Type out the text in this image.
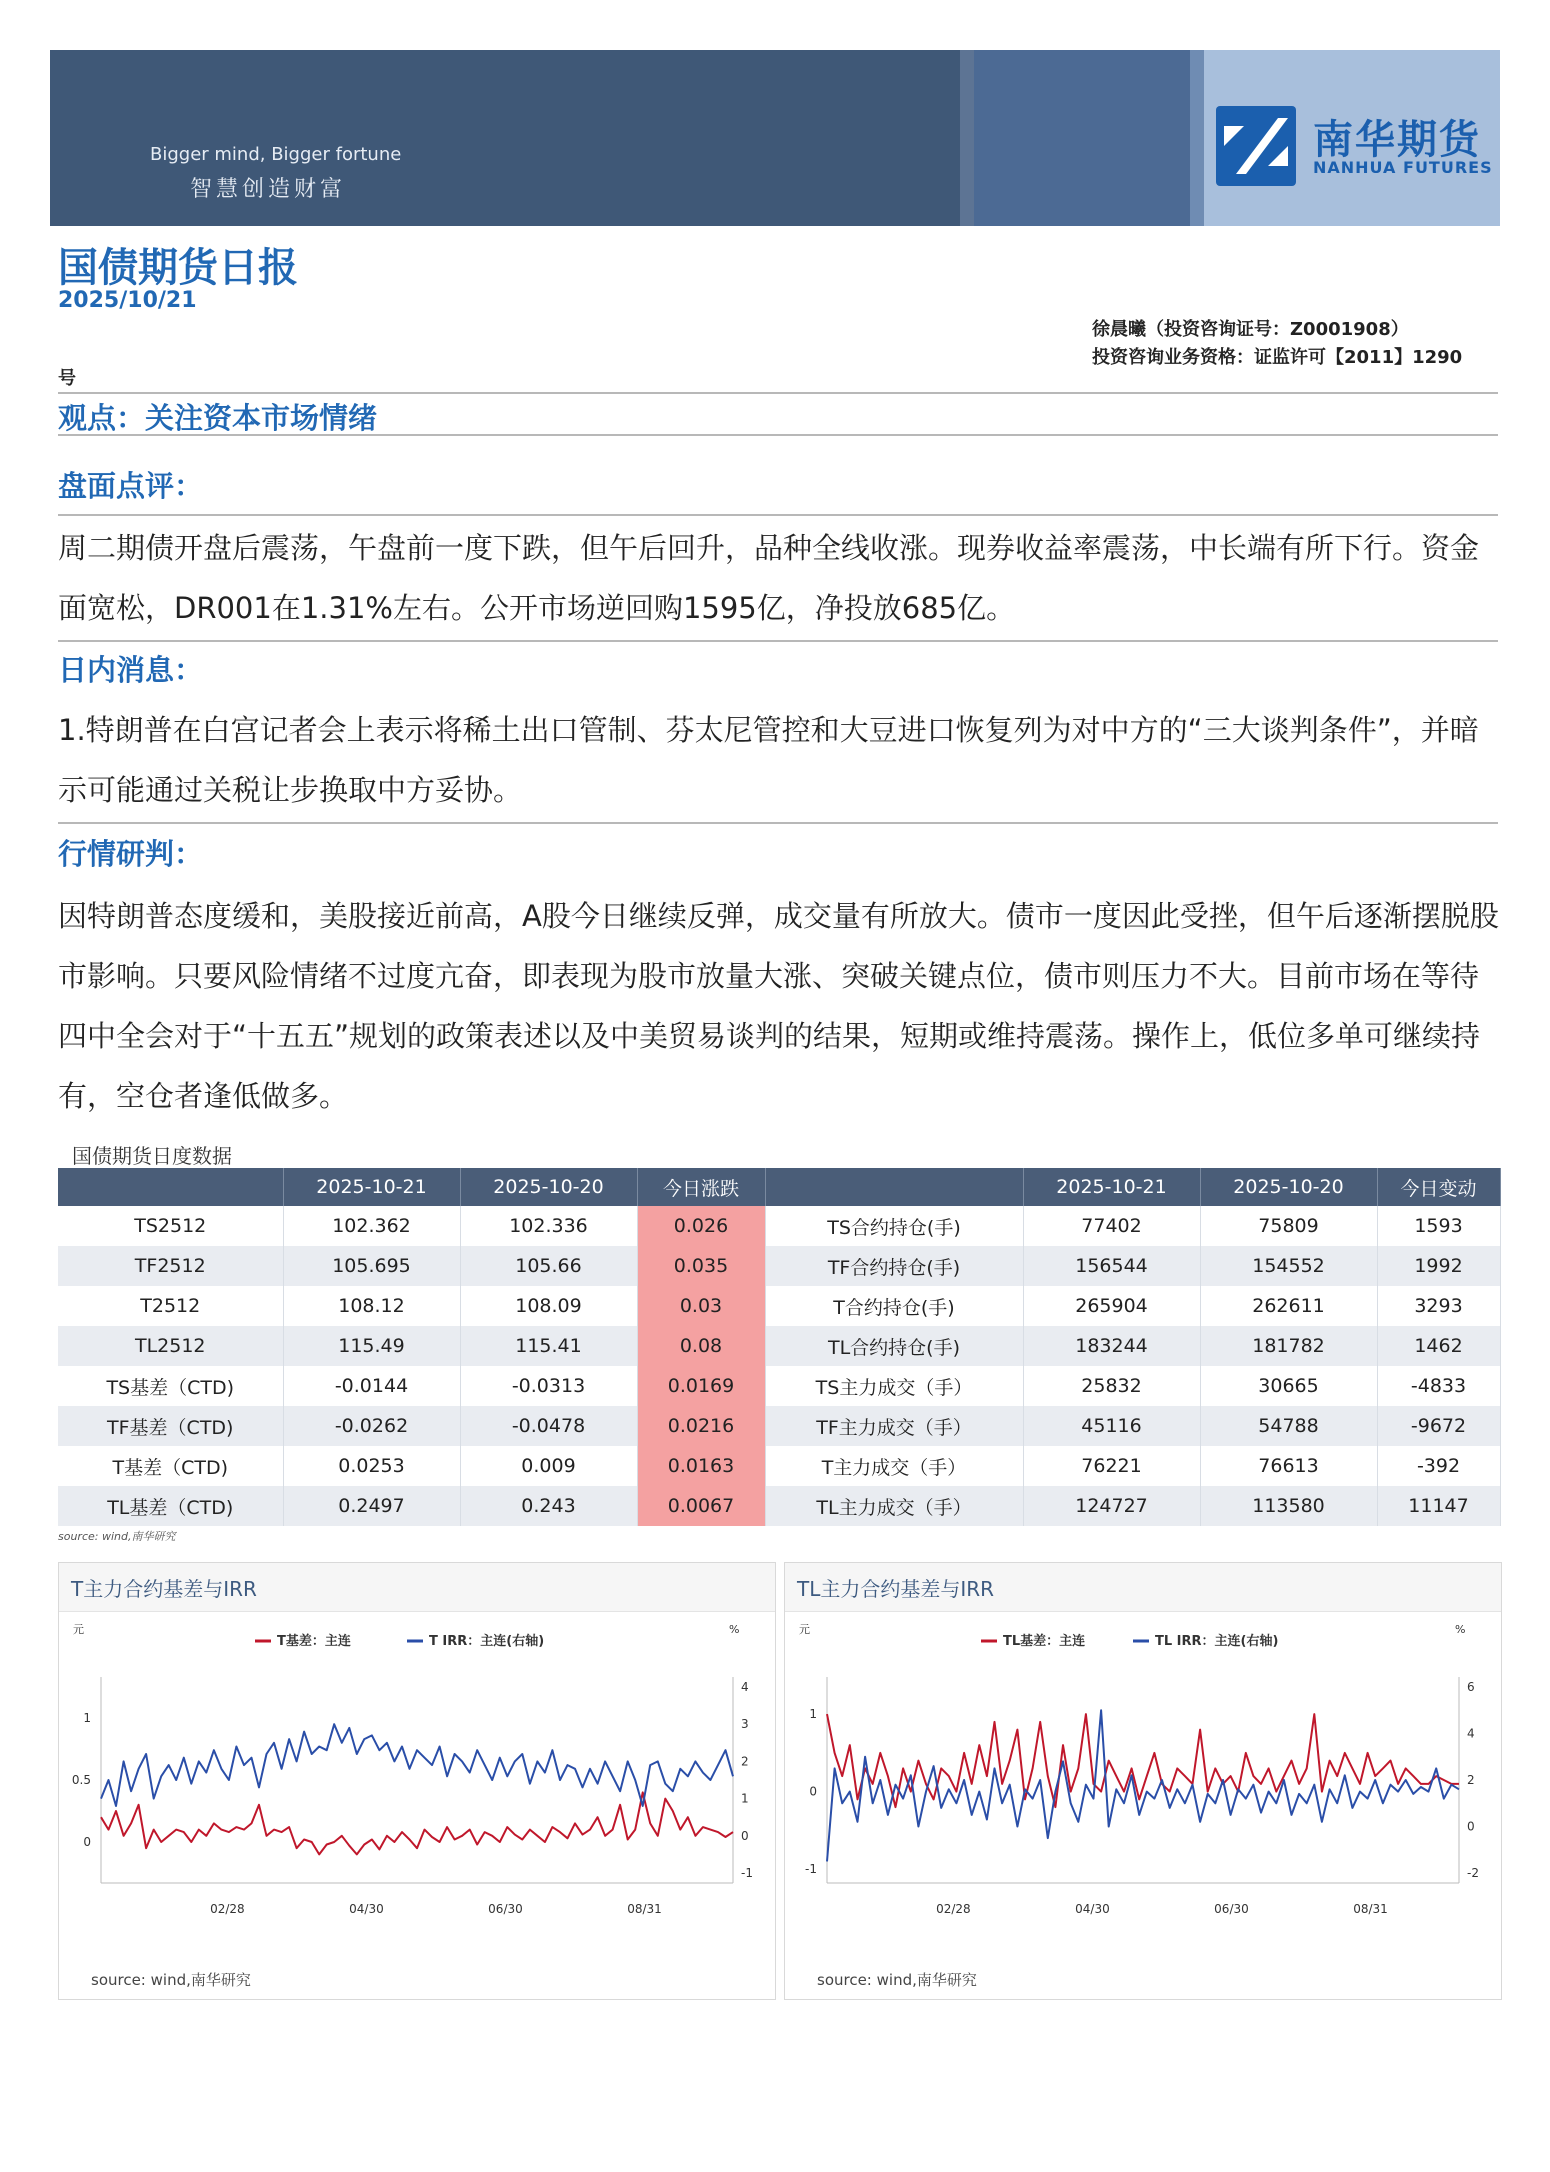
Bigger mind, Bigger fortune
智慧创造财富
南华期货
NANHUA FUTURES
国债期货日报
2025/10/21
徐晨曦（投资咨询证号：Z0001908）
投资咨询业务资格：证监许可【2011】1290
号
观点：关注资本市场情绪
盘面点评：
周二期债开盘后震荡，午盘前一度下跌，但午后回升，品种全线收涨。现券收益率震荡，中长端有所下行。资金面宽松，DR001在1.31%左右。公开市场逆回购1595亿，净投放685亿。
日内消息：
1.特朗普在白宫记者会上表示将稀土出口管制、芬太尼管控和大豆进口恢复列为对中方的“三大谈判条件”，并暗示可能通过关税让步换取中方妥协。
行情研判：
因特朗普态度缓和，美股接近前高，A股今日继续反弹，成交量有所放大。债市一度因此受挫，但午后逐渐摆脱股市影响。只要风险情绪不过度亢奋，即表现为股市放量大涨、突破关键点位，债市则压力不大。目前市场在等待四中全会对于“十五五”规划的政策表述以及中美贸易谈判的结果，短期或维持震荡。操作上，低位多单可继续持有，空仓者逢低做多。
国债期货日度数据
	2025-10-21	2025-10-20	今日涨跌		2025-10-21	2025-10-20	今日变动
TS2512	102.362	102.336	0.026	TS合约持仓(手)	77402	75809	1593
TF2512	105.695	105.66	0.035	TF合约持仓(手)	156544	154552	1992
T2512	108.12	108.09	0.03	T合约持仓(手)	265904	262611	3293
TL2512	115.49	115.41	0.08	TL合约持仓(手)	183244	181782	1462
TS基差（CTD)	-0.0144	-0.0313	0.0169	TS主力成交（手）	25832	30665	-4833
TF基差（CTD)	-0.0262	-0.0478	0.0216	TF主力成交（手）	45116	54788	-9672
T基差（CTD)	0.0253	0.009	0.0163	T主力成交（手）	76221	76613	-392
TL基差（CTD)	0.2497	0.243	0.0067	TL主力成交（手）	124727	113580	11147
source: wind,南华研究
T主力合约基差与IRR
元	%
1
0.5
0
4
3
2
1
0
-1
02/28	04/30	06/30	08/31
T基差：主连	T IRR：主连(右轴)
source: wind,南华研究
TL主力合约基差与IRR
元	%
1
0
-1
6
4
2
0
-2
02/28	04/30	06/30	08/31
TL基差：主连	TL IRR：主连(右轴)
source: wind,南华研究
